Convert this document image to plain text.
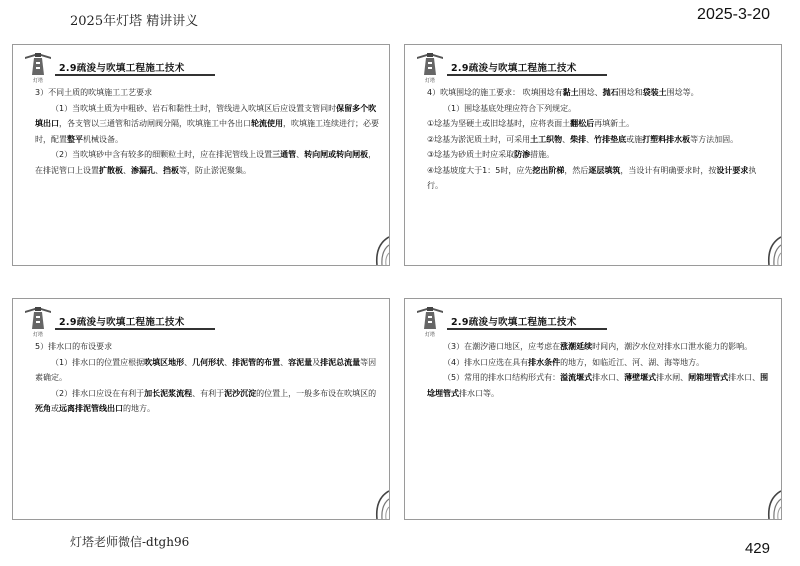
2025年灯塔 精讲讲义	2025-3-20
灯塔
2.9疏浚与吹填工程施工技术

3）不同土质的吹填施工工艺要求

（1）当吹填土质为中粗砂、岩石和黏性土时，管线进入吹填区后应设置支管同时保留多个吹填出口，各支管以三通管和活动闸阀分隔，吹填施工中各出口轮流使用，吹填施工连续进行；必要时，配置整平机械设备。

（2）当吹填砂中含有较多的细颗粒土时，应在排泥管线上设置三通管、转向闸或转向闸板，在排泥管口上设置扩散板、渗漏孔、挡板等，防止淤泥聚集。

灯塔
2.9疏浚与吹填工程施工技术

4）吹填围埝的施工要求： 吹填围埝有黏土围埝、抛石围埝和袋装土围埝等。

（1）围埝基底处理应符合下列规定。

①埝基为坚硬土或旧埝基时，应将表面土翻松后再填新土。

②埝基为淤泥质土时，可采用土工织物、柴排、竹排垫底或施打塑料排水板等方法加固。

③埝基为砂质土时应采取防渗措施。

④埝基坡度大于1：5时，应先挖出阶梯，然后逐层填筑，当设计有明确要求时，按设计要求执行。

灯塔
2.9疏浚与吹填工程施工技术

5）排水口的布设要求

（1）排水口的位置应根据吹填区地形、几何形状、排泥管的布置、容泥量及排泥总流量等因素确定。

（2）排水口应设在有利于加长泥浆流程、有利于泥沙沉淀的位置上，一般多布设在吹填区的死角或远离排泥管线出口的地方。

灯塔
2.9疏浚与吹填工程施工技术

（3）在潮汐港口地区，应考虑在涨潮延续时间内，潮汐水位对排水口泄水能力的影响。

（4）排水口应选在具有排水条件的地方，如临近江、河、湖、海等地方。

（5）常用的排水口结构形式有：溢流堰式排水口、薄壁堰式排水闸、闸箱埋管式排水口、围埝埋管式排水口等。

灯塔老师微信-dtgh96	429
